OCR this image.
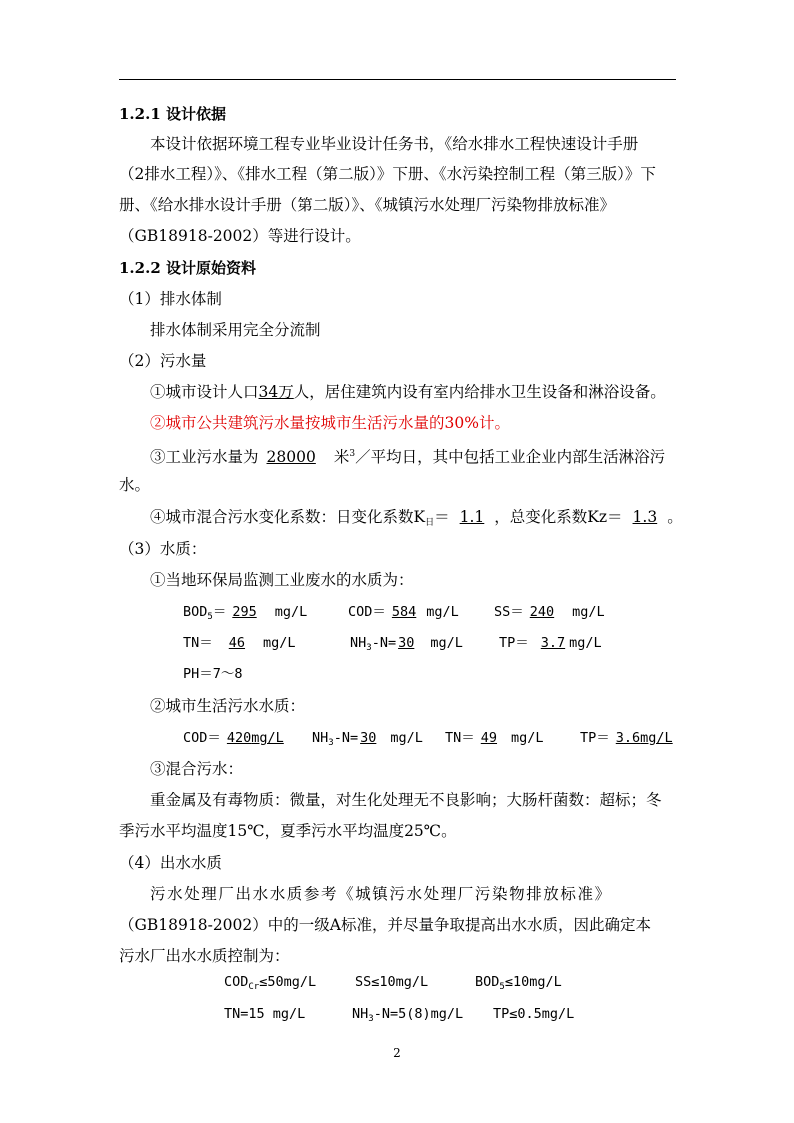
1.2.1 设计依据
本设计依据环境工程专业毕业设计任务书，《给水排水工程快速设计手册
（2排水工程）》、《排水工程（第二版）》下册、《水污染控制工程（第三版）》下
册、《给水排水设计手册（第二版）》、《城镇污水处理厂污染物排放标准》
（GB18918-2002）等进行设计。
1.2.2 设计原始资料
（1）排水体制
排水体制采用完全分流制
（2）污水量
①城市设计人口34万人，居住建筑内设有室内给排水卫生设备和淋浴设备。
②城市公共建筑污水量按城市生活污水量的30%计。
③工业污水量为 28000 米$^3$／平均日，其中包括工业企业内部生活淋浴污
水。
④城市混合污水变化系数：日变化系数$K_日= 1.1$ ，总变化系数Kz＝ 1.3 。
（3）水质：
①当地环保局监测工业废水的水质为：
$BOD_5= 295$ mg/L	COD＝ 584 mg/L	SS＝ 240 mg/L
TN＝ 46 mg/L	$NH_3-N= 30$ mg/L	TP＝ 3.7 mg/L
PH＝7～8
②城市生活污水水质：
COD＝ 420mg/L $NH_3-N= 30$ mg/L TN＝ 49 mg/L	TP＝ 3.6mg/L
③混合污水：
重金属及有毒物质：微量，对生化处理无不良影响；大肠杆菌数：超标；冬
季污水平均温度15℃，夏季污水平均温度25℃。
（4）出水水质
污水处理厂出水水质参考《城镇污水处理厂污染物排放标准》
（GB18918-2002）中的一级A标准，并尽量争取提高出水水质，因此确定本
污水厂出水水质控制为：
$COD_{Cr}\le 50mg/L$	SS≤10mg/L	$BOD_5\le 10mg/L$
TN=15 mg/L	$NH_3-N=5(8)mg/L$ TP≤0.5mg/L
2
